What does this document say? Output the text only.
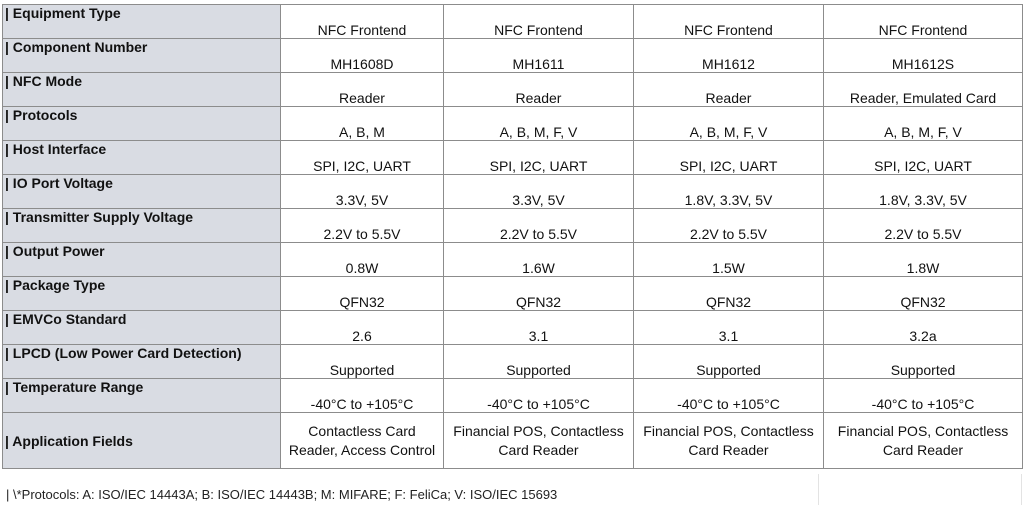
| Equipment Type	NFC Frontend	NFC Frontend	NFC Frontend	NFC Frontend
| Component Number	MH1608D	MH1611	MH1612	MH1612S
| NFC Mode	Reader	Reader	Reader	Reader, Emulated Card
| Protocols	A, B, M	A, B, M, F, V	A, B, M, F, V	A, B, M, F, V
| Host Interface	SPI, I2C, UART	SPI, I2C, UART	SPI, I2C, UART	SPI, I2C, UART
| IO Port Voltage	3.3V, 5V	3.3V, 5V	1.8V, 3.3V, 5V	1.8V, 3.3V, 5V
| Transmitter Supply Voltage	2.2V to 5.5V	2.2V to 5.5V	2.2V to 5.5V	2.2V to 5.5V
| Output Power	0.8W	1.6W	1.5W	1.8W
| Package Type	QFN32	QFN32	QFN32	QFN32
| EMVCo Standard	2.6	3.1	3.1	3.2a
| LPCD (Low Power Card Detection)	Supported	Supported	Supported	Supported
| Temperature Range	-40°C to +105°C	-40°C to +105°C	-40°C to +105°C	-40°C to +105°C
| Application Fields	Contactless Card Reader, Access Control	Financial POS, Contactless Card Reader	Financial POS, Contactless Card Reader	Financial POS, Contactless Card Reader
| \*Protocols: A: ISO/IEC 14443A; B: ISO/IEC 14443B; M: MIFARE; F: FeliCa; V: ISO/IEC 15693
